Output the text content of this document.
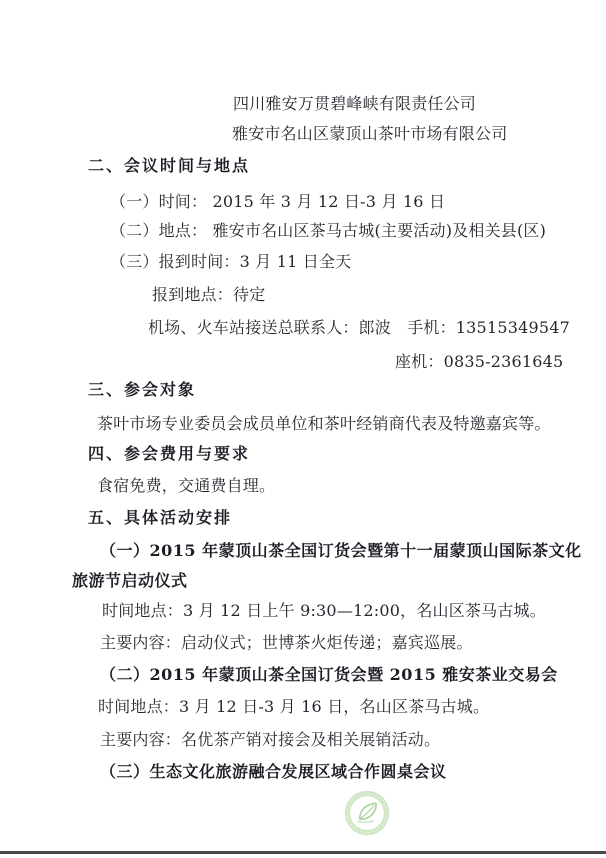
四川雅安万贯碧峰峡有限责任公司
雅安市名山区蒙顶山茶叶市场有限公司
二、会议时间与地点
（一）时间： 2015 年 3 月 12 日-3 月 16 日
（二）地点： 雅安市名山区茶马古城(主要活动)及相关县(区)
（三）报到时间：3 月 11 日全天
报到地点：待定
机场、火车站接送总联系人：郎波　手机：13515349547
座机：0835-2361645
三、参会对象
茶叶市场专业委员会成员单位和茶叶经销商代表及特邀嘉宾等。
四、参会费用与要求
食宿免费，交通费自理。
五、具体活动安排
（一）2015 年蒙顶山茶全国订货会暨第十一届蒙顶山国际茶文化
旅游节启动仪式
时间地点：3 月 12 日上午 9:30—12:00，名山区茶马古城。
主要内容：启动仪式；世博茶火炬传递；嘉宾巡展。
（二）2015 年蒙顶山茶全国订货会暨 2015 雅安茶业交易会
时间地点：3 月 12 日-3 月 16 日，名山区茶马古城。
主要内容：名优茶产销对接会及相关展销活动。
（三）生态文化旅游融合发展区域合作圆桌会议
